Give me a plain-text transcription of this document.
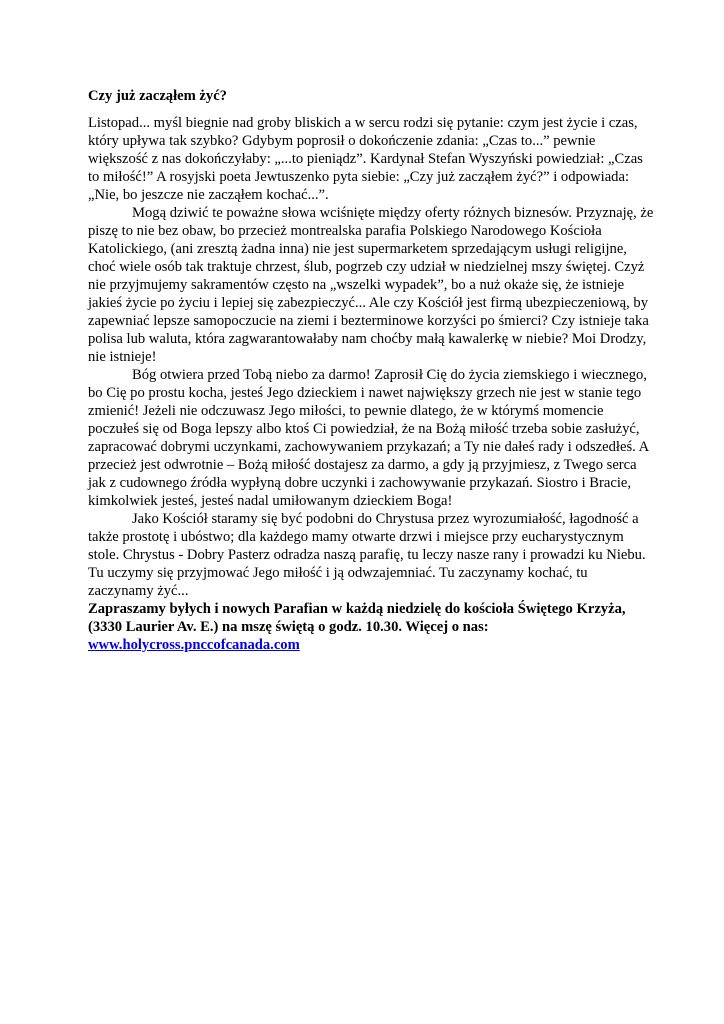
Czy już zacząłem żyć?

Listopad... myśl biegnie nad groby bliskich a w sercu rodzi się pytanie: czym jest życie i czas, który upływa tak szybko? Gdybym poprosił o dokończenie zdania: „Czas to...” pewnie większość z nas dokończyłaby: „...to pieniądz”. Kardynał Stefan Wyszyński powiedział: „Czas to miłość!” A rosyjski poeta Jewtuszenko pyta siebie: „Czy już zacząłem żyć?” i odpowiada: „Nie, bo jeszcze nie zacząłem kochać...”.

Mogą dziwić te poważne słowa wciśnięte między oferty różnych biznesów. Przyznaję, że piszę to nie bez obaw, bo przecież montrealska parafia Polskiego Narodowego Kościoła Katolickiego, (ani zresztą żadna inna) nie jest supermarketem sprzedającym usługi religijne, choć wiele osób tak traktuje chrzest, ślub, pogrzeb czy udział w niedzielnej mszy świętej. Czyż nie przyjmujemy sakramentów często na „wszelki wypadek”, bo a nuż okaże się, że istnieje jakieś życie po życiu i lepiej się zabezpieczyć... Ale czy Kościół jest firmą ubezpieczeniową, by zapewniać lepsze samopoczucie na ziemi i bezterminowe korzyści po śmierci? Czy istnieje taka polisa lub waluta, która zagwarantowałaby nam choćby małą kawalerkę w niebie? Moi Drodzy, nie istnieje!

Bóg otwiera przed Tobą niebo za darmo! Zaprosił Cię do życia ziemskiego i wiecznego, bo Cię po prostu kocha, jesteś Jego dzieckiem i nawet największy grzech nie jest w stanie tego zmienić! Jeżeli nie odczuwasz Jego miłości, to pewnie dlatego, że w którymś momencie poczułeś się od Boga lepszy albo ktoś Ci powiedział, że na Bożą miłość trzeba sobie zasłużyć, zapracować dobrymi uczynkami, zachowywaniem przykazań; a Ty nie dałeś rady i odszedłeś. A przecież jest odwrotnie – Bożą miłość dostajesz za darmo, a gdy ją przyjmiesz, z Twego serca jak z cudownego źródła wypłyną dobre uczynki i zachowywanie przykazań. Siostro i Bracie, kimkolwiek jesteś, jesteś nadal umiłowanym dzieckiem Boga!

Jako Kościół staramy się być podobni do Chrystusa przez wyrozumiałość, łagodność a także prostotę i ubóstwo; dla każdego mamy otwarte drzwi i miejsce przy eucharystycznym stole. Chrystus - Dobry Pasterz odradza naszą parafię, tu leczy nasze rany i prowadzi ku Niebu. Tu uczymy się przyjmować Jego miłość i ją odwzajemniać. Tu zaczynamy kochać, tu zaczynamy żyć...

Zapraszamy byłych i nowych Parafian w każdą niedzielę do kościoła Świętego Krzyża, (3330 Laurier Av. E.) na mszę świętą o godz. 10.30. Więcej o nas:

www.holycross.pnccofcanada.com
